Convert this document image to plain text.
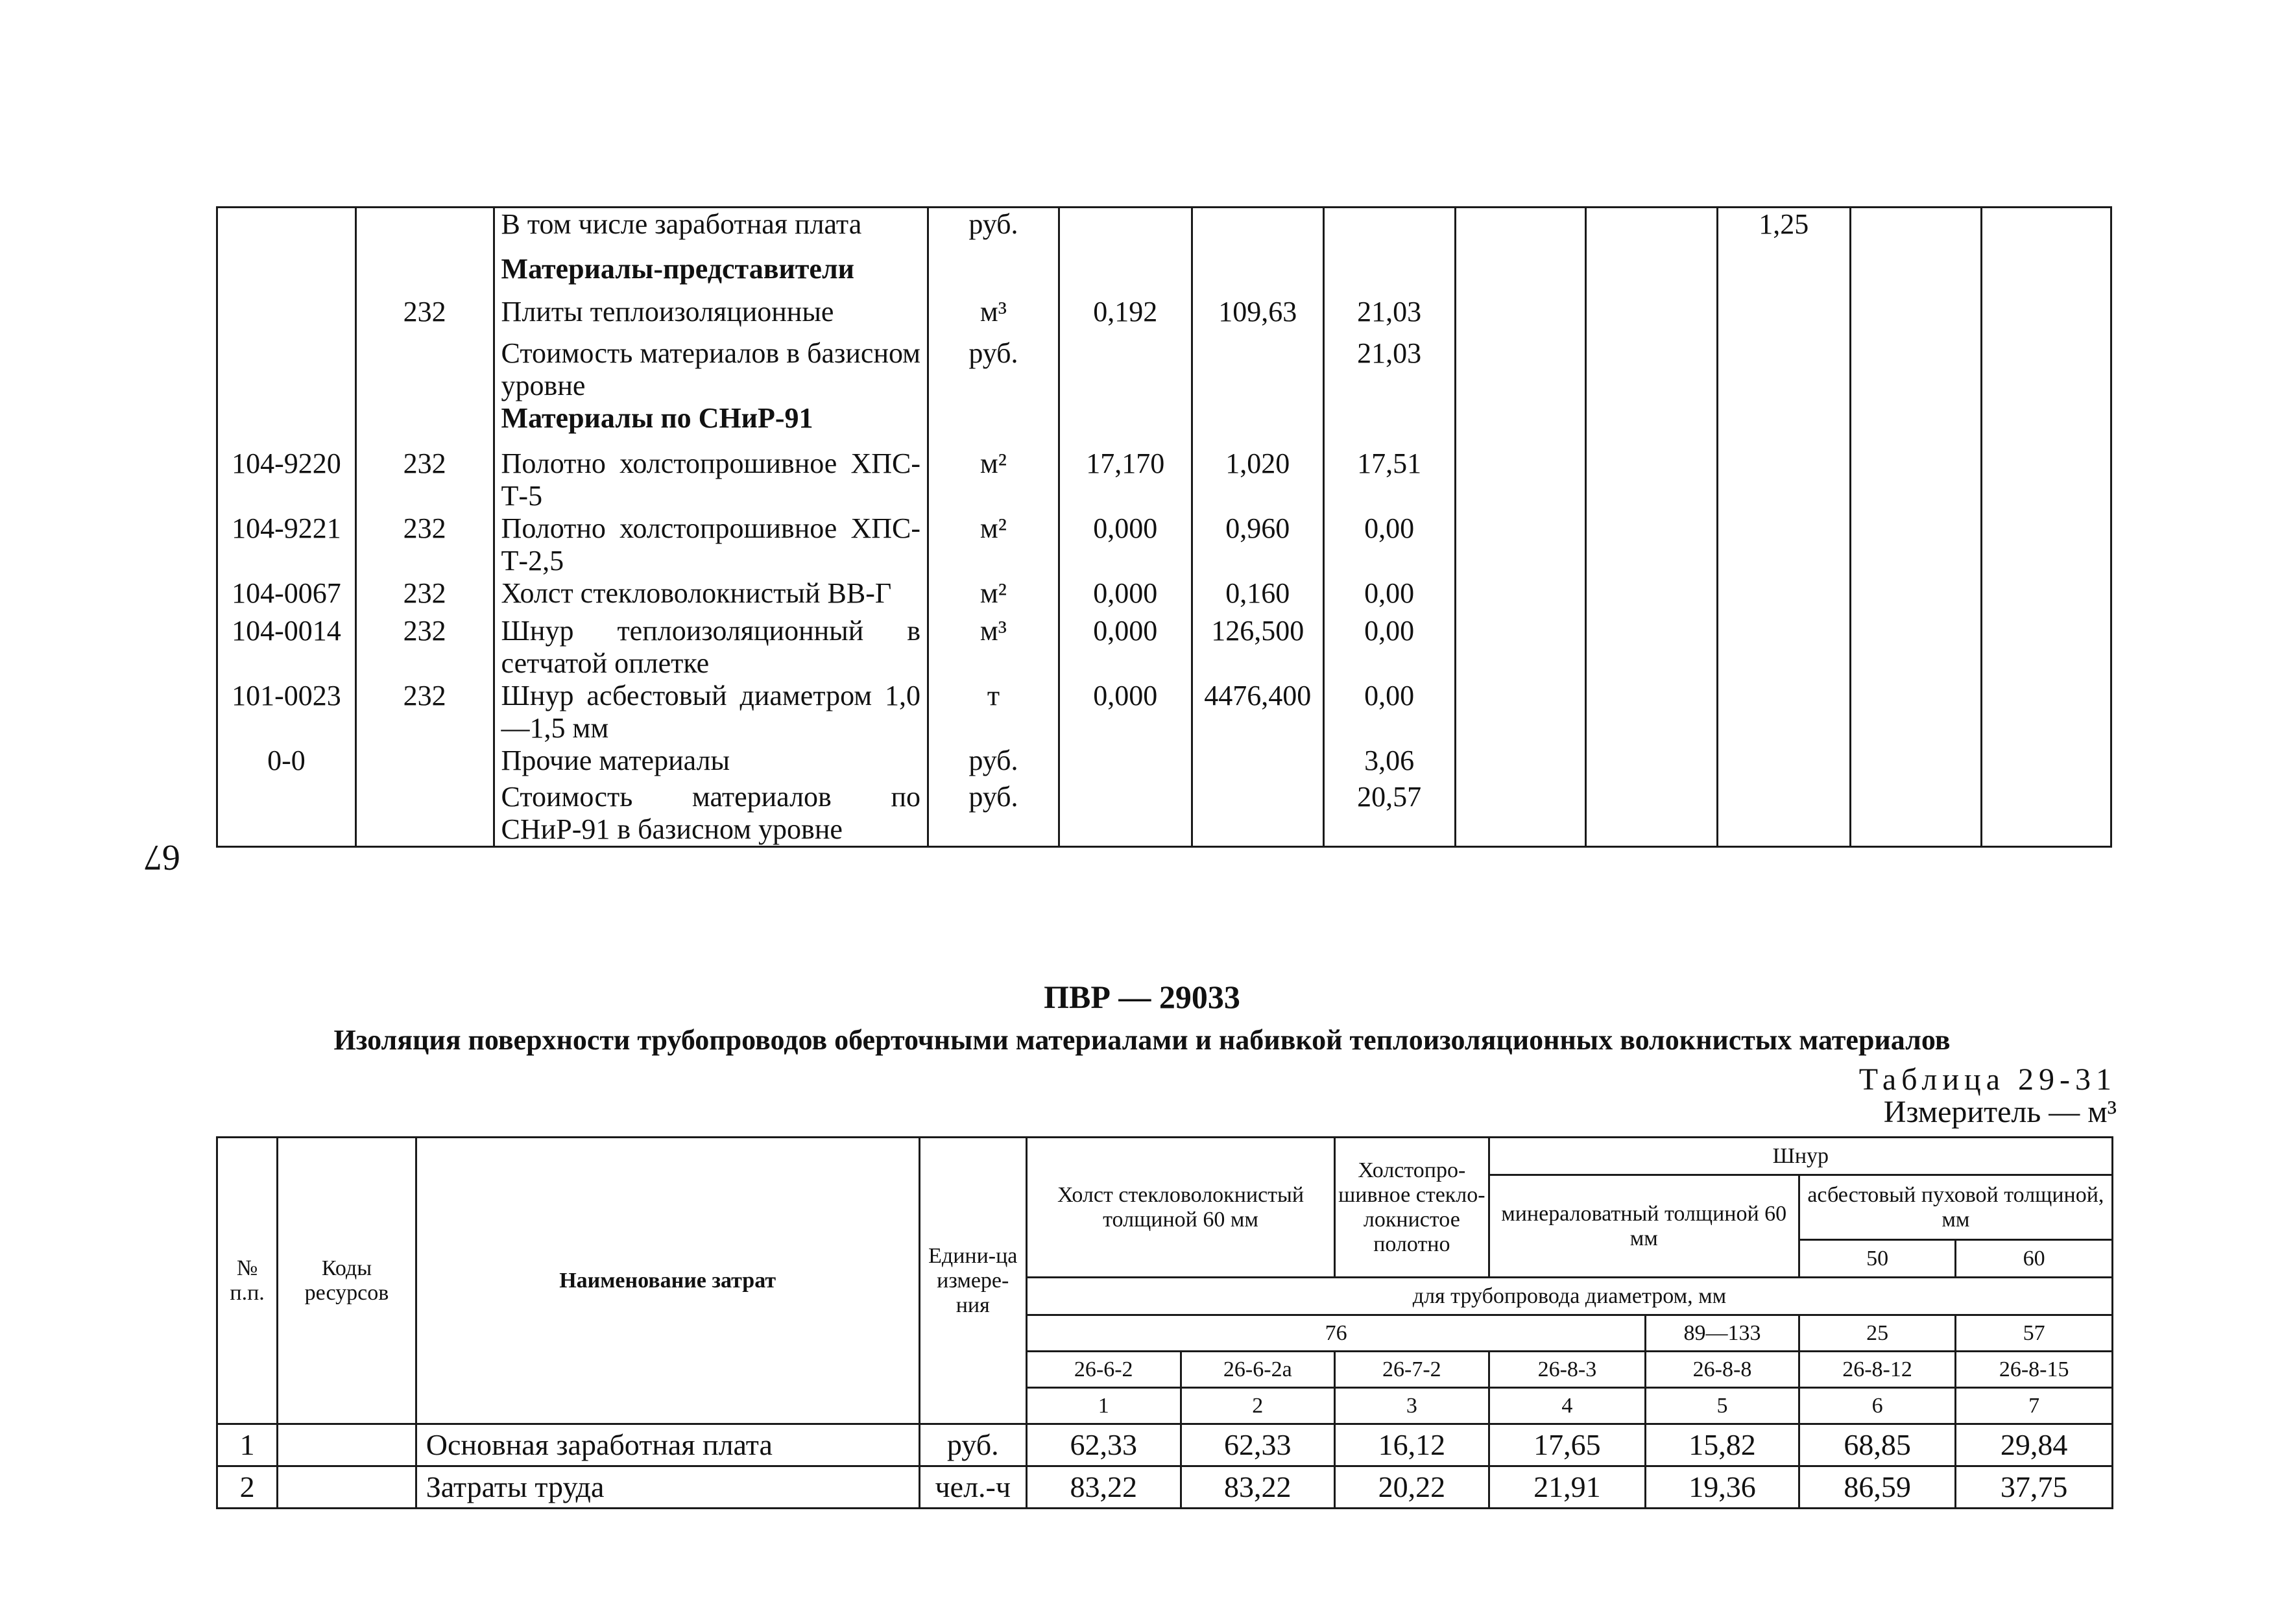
		В том числе заработная плата	руб.						1,25		
		Материалы-представители									
	232	Плиты теплоизоляционные	м³	0,192	109,63	21,03					
		Стоимость материалов в базисном уровне	руб.			21,03					
		Материалы по СНиР-91									
104-9220	232	Полотно холстопрошивное ХПС-Т-5	м²	17,170	1,020	17,51					
104-9221	232	Полотно холстопрошивное ХПС-Т-2,5	м²	0,000	0,960	0,00					
104-0067	232	Холст стекловолокнистый ВВ-Г	м²	0,000	0,160	0,00					
104-0014	232	Шнур теплоизоляционный в сетчатой оплетке	м³	0,000	126,500	0,00					
101-0023	232	Шнур асбестовый диаметром 1,0—1,5 мм	т	0,000	4476,400	0,00					
0-0		Прочие материалы	руб.			3,06					
		Стоимость материалов по СНиР-91 в базисном уровне	руб.			20,57					
67
ПВР — 29033
Изоляция поверхности трубопроводов оберточными материалами и набивкой теплоизоляционных волокнистых материалов
Таблица 29-31
Измеритель — м³
№ п.п.	Коды ресурсов	Наименование затрат	Едини-ца измере-ния	Холст стекловолокнистый толщиной 60 мм		Холстопро-шивное стекло-локнистое полотно	Шнур			
							минераловатный толщиной 60 мм		асбестовый пуховой толщиной, мм	
									50	60
				для трубопровода диаметром, мм						
				76				89—133	25	57
				26-6-2	26-6-2а	26-7-2	26-8-3	26-8-8	26-8-12	26-8-15
				1	2	3	4	5	6	7
1		Основная заработная плата	руб.	62,33	62,33	16,12	17,65	15,82	68,85	29,84
2		Затраты труда	чел.-ч	83,22	83,22	20,22	21,91	19,36	86,59	37,75
